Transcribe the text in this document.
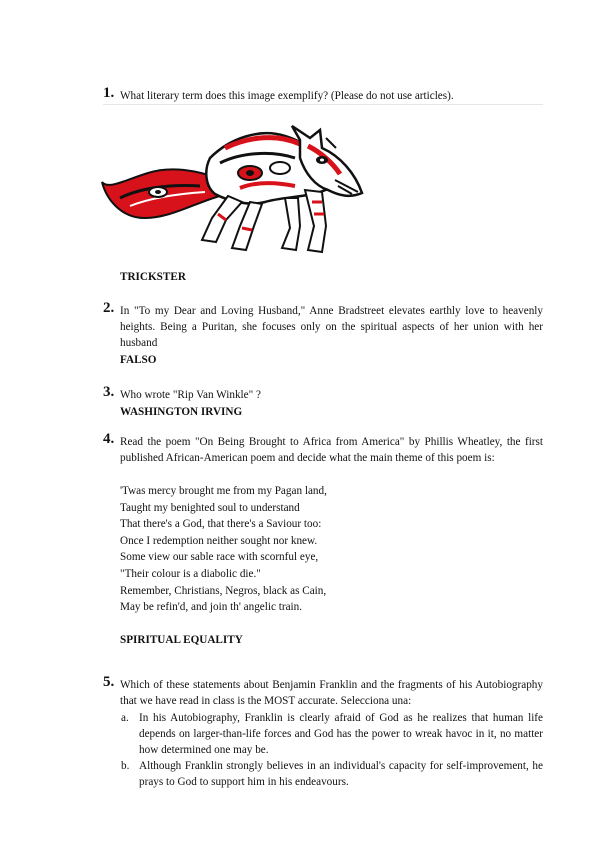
1. What literary term does this image exemplify? (Please do not use articles).
TRICKSTER
2. In "To my Dear and Loving Husband," Anne Bradstreet elevates earthly love to heavenly heights. Being a Puritan, she focuses only on the spiritual aspects of her union with her husband
FALSO
3. Who wrote "Rip Van Winkle" ?
WASHINGTON IRVING
4. Read the poem "On Being Brought to Africa from America" by Phillis Wheatley, the first published African-American poem and decide what the main theme of this poem is:
'Twas mercy brought me from my Pagan land,
Taught my benighted soul to understand
That there's a God, that there's a Saviour too:
Once I redemption neither sought nor knew.
Some view our sable race with scornful eye,
"Their colour is a diabolic die."
Remember, Christians, Negros, black as Cain,
May be refin'd, and join th' angelic train.
SPIRITUAL EQUALITY
5. Which of these statements about Benjamin Franklin and the fragments of his Autobiography that we have read in class is the MOST accurate. Selecciona una:
a. In his Autobiography, Franklin is clearly afraid of God as he realizes that human life depends on larger-than-life forces and God has the power to wreak havoc in it, no matter how determined one may be.
b. Although Franklin strongly believes in an individual's capacity for self-improvement, he prays to God to support him in his endeavours.
